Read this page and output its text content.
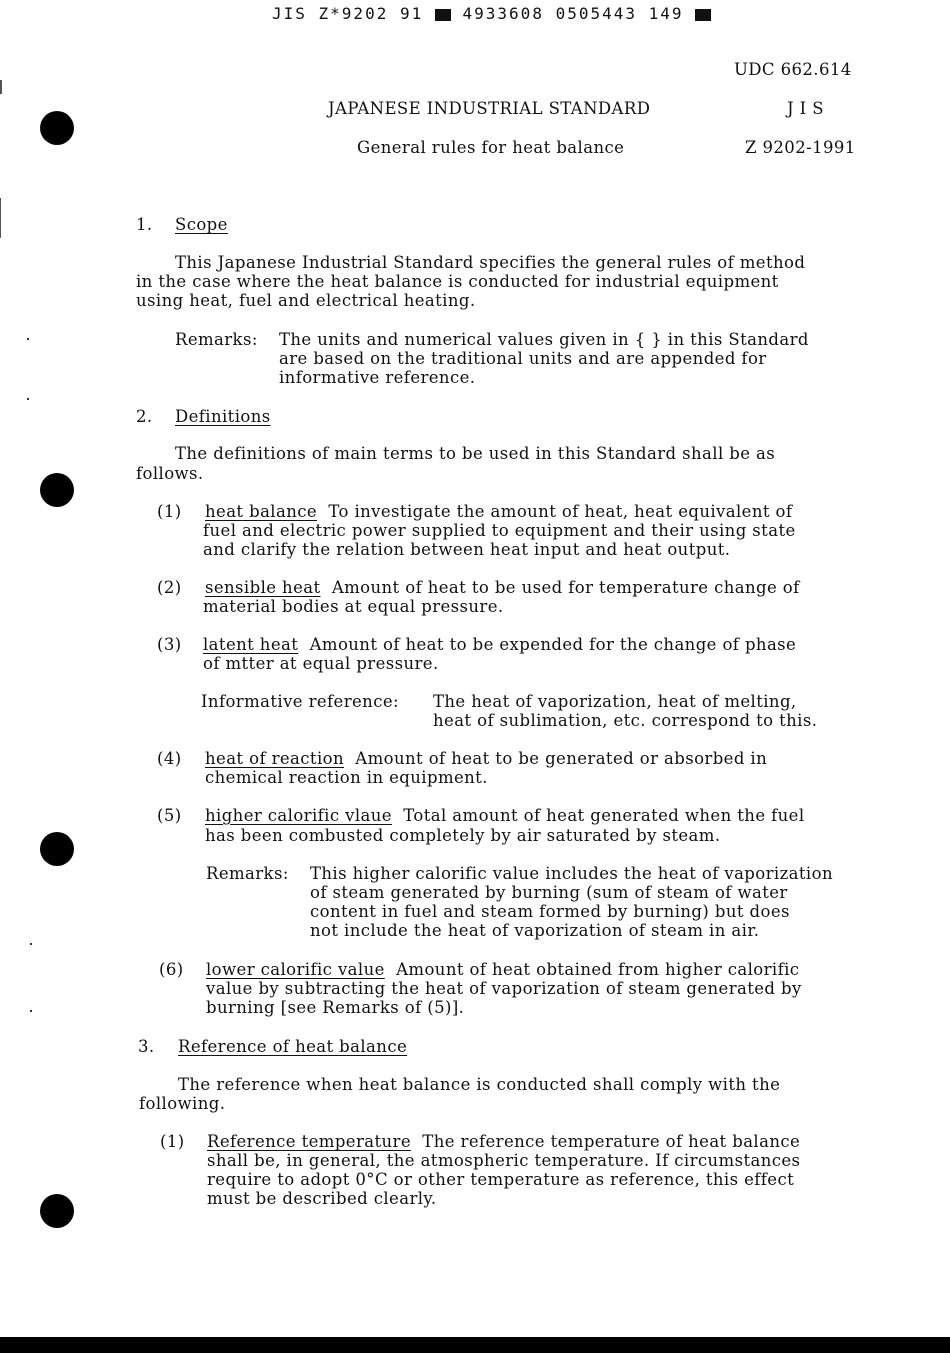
JIS Z*9202 91 4933608 0505443 149
UDC 662.614
JAPANESE INDUSTRIAL STANDARD	J I S
General rules for heat balance	Z 9202-1991
1. Scope
This Japanese Industrial Standard specifies the general rules of method
in the case where the heat balance is conducted for industrial equipment
using heat, fuel and electrical heating.
Remarks: The units and numerical values given in { } in this Standard
are based on the traditional units and are appended for
informative reference.
2. Definitions
The definitions of main terms to be used in this Standard shall be as
follows.
(1) heat balance To investigate the amount of heat, heat equivalent of
fuel and electric power supplied to equipment and their using state
and clarify the relation between heat input and heat output.
(2) sensible heat Amount of heat to be used for temperature change of
material bodies at equal pressure.
(3) latent heat Amount of heat to be expended for the change of phase
of mtter at equal pressure.
Informative reference: The heat of vaporization, heat of melting,
heat of sublimation, etc. correspond to this.
(4) heat of reaction Amount of heat to be generated or absorbed in
chemical reaction in equipment.
(5) higher calorific vlaue Total amount of heat generated when the fuel
has been combusted completely by air saturated by steam.
Remarks: This higher calorific value includes the heat of vaporization
of steam generated by burning (sum of steam of water
content in fuel and steam formed by burning) but does
not include the heat of vaporization of steam in air.
(6) lower calorific value Amount of heat obtained from higher calorific
value by subtracting the heat of vaporization of steam generated by
burning [see Remarks of (5)].
3. Reference of heat balance
The reference when heat balance is conducted shall comply with the
following.
(1) Reference temperature The reference temperature of heat balance
shall be, in general, the atmospheric temperature. If circumstances
require to adopt 0°C or other temperature as reference, this effect
must be described clearly.
